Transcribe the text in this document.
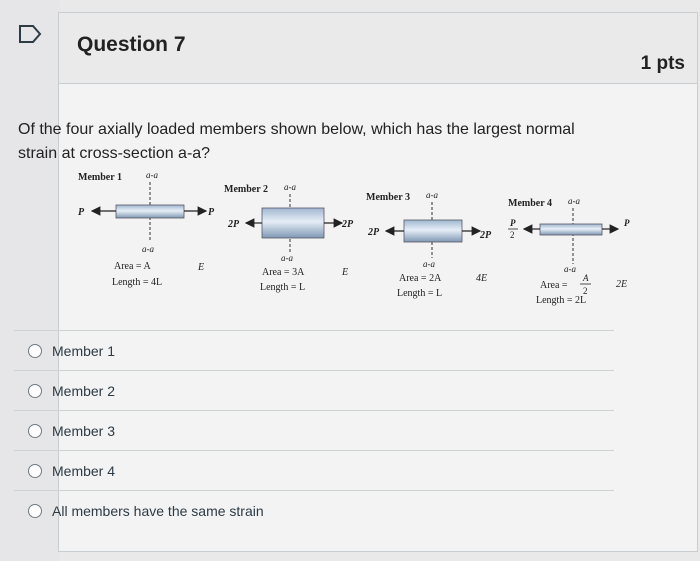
Question 7
1 pts
Of the four axially loaded members shown below, which has the largest normal strain at cross-section a-a?
Member 1	a-a
P	P
a-a
Area = A
Length = 4L
E
Member 2 a-a
2P	2P
a-a
Area = 3A
Length = L
E
Member 3 a-a
2P	2P
a-a
Area = 2A
Length = L
4E
Member 4 a-a
P
2
P
a-a
Area =
A
2
Length = 2L
2E
Member 1
Member 2
Member 3
Member 4
All members have the same strain
